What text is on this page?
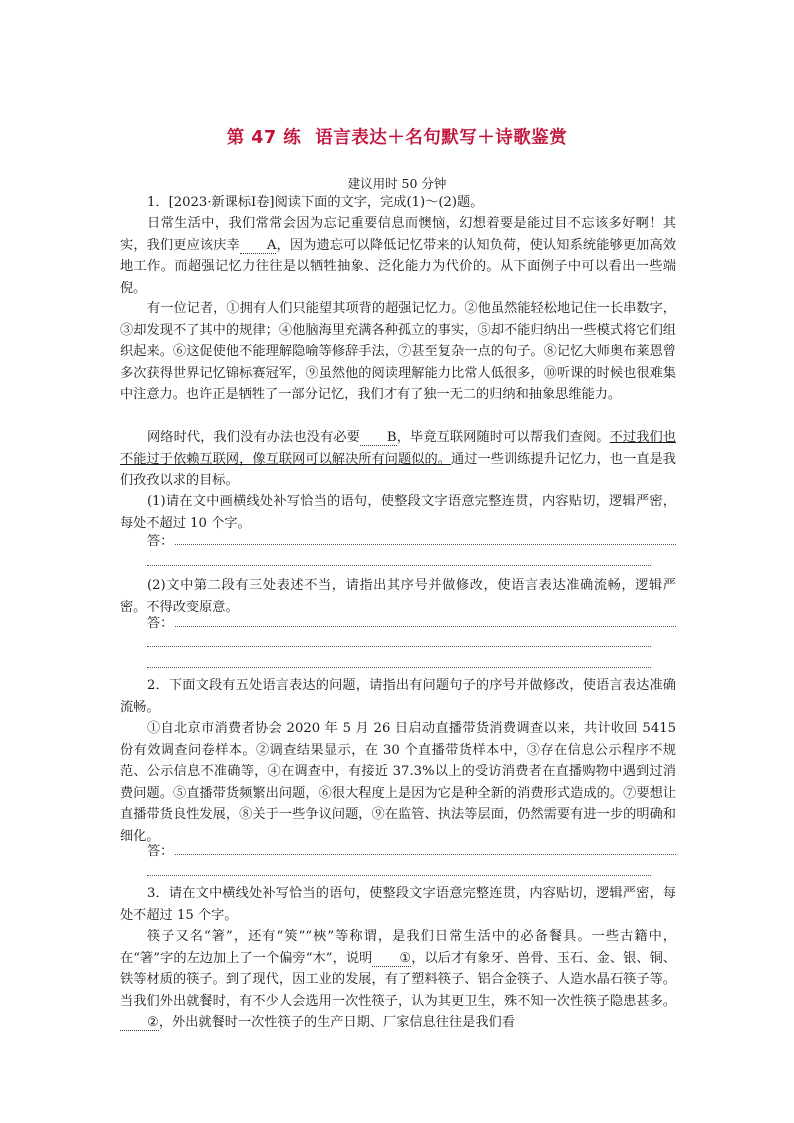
第 47 练 语言表达＋名句默写＋诗歌鉴赏
建议用时 50 分钟
1．[2023·新课标Ⅰ卷]阅读下面的文字，完成(1)～(2)题。
日常生活中，我们常常会因为忘记重要信息而懊恼，幻想着要是能过目不忘该多好啊！其实，我们更应该庆幸 A，因为遗忘可以降低记忆带来的认知负荷，使认知系统能够更加高效地工作。而超强记忆力往往是以牺牲抽象、泛化能力为代价的。从下面例子中可以看出一些端倪。
有一位记者，①拥有人们只能望其项背的超强记忆力。②他虽然能轻松地记住一长串数字，③却发现不了其中的规律；④他脑海里充满各种孤立的事实，⑤却不能归纳出一些模式将它们组织起来。⑥这促使他不能理解隐喻等修辞手法，⑦甚至复杂一点的句子。⑧记忆大师奥布莱恩曾多次获得世界记忆锦标赛冠军，⑨虽然他的阅读理解能力比常人低很多，⑩听课的时候也很难集中注意力。也许正是牺牲了一部分记忆，我们才有了独一无二的归纳和抽象思维能力。
网络时代，我们没有办法也没有必要 B，毕竟互联网随时可以帮我们查阅。不过我们也不能过于依赖互联网，像互联网可以解决所有问题似的。通过一些训练提升记忆力，也一直是我们孜孜以求的目标。
(1)请在文中画横线处补写恰当的语句，使整段文字语意完整连贯，内容贴切，逻辑严密，每处不超过 10 个字。
答：
(2)文中第二段有三处表述不当，请指出其序号并做修改，使语言表达准确流畅，逻辑严密。不得改变原意。
答：
2．下面文段有五处语言表达的问题，请指出有问题句子的序号并做修改，使语言表达准确流畅。
①自北京市消费者协会 2020 年 5 月 26 日启动直播带货消费调查以来，共计收回 5415 份有效调查问卷样本。②调查结果显示，在 30 个直播带货样本中，③存在信息公示程序不规范、公示信息不准确等，④在调查中，有接近 37.3%以上的受访消费者在直播购物中遇到过消费问题。⑤直播带货频繁出问题，⑥很大程度上是因为它是种全新的消费形式造成的。⑦要想让直播带货良性发展，⑧关于一些争议问题，⑨在监管、执法等层面，仍然需要有进一步的明确和细化。
答：
3．请在文中横线处补写恰当的语句，使整段文字语意完整连贯，内容贴切，逻辑严密，每处不超过 15 个字。
筷子又名“箸”，还有“筴”“梜”等称谓，是我们日常生活中的必备餐具。一些古籍中，在“箸”字的左边加上了一个偏旁“木”，说明 ①，以后才有象牙、兽骨、玉石、金、银、铜、铁等材质的筷子。到了现代，因工业的发展，有了塑料筷子、铝合金筷子、人造水晶石筷子等。当我们外出就餐时，有不少人会选用一次性筷子，认为其更卫生，殊不知一次性筷子隐患甚多。②，外出就餐时一次性筷子的生产日期、厂家信息往往是我们看
